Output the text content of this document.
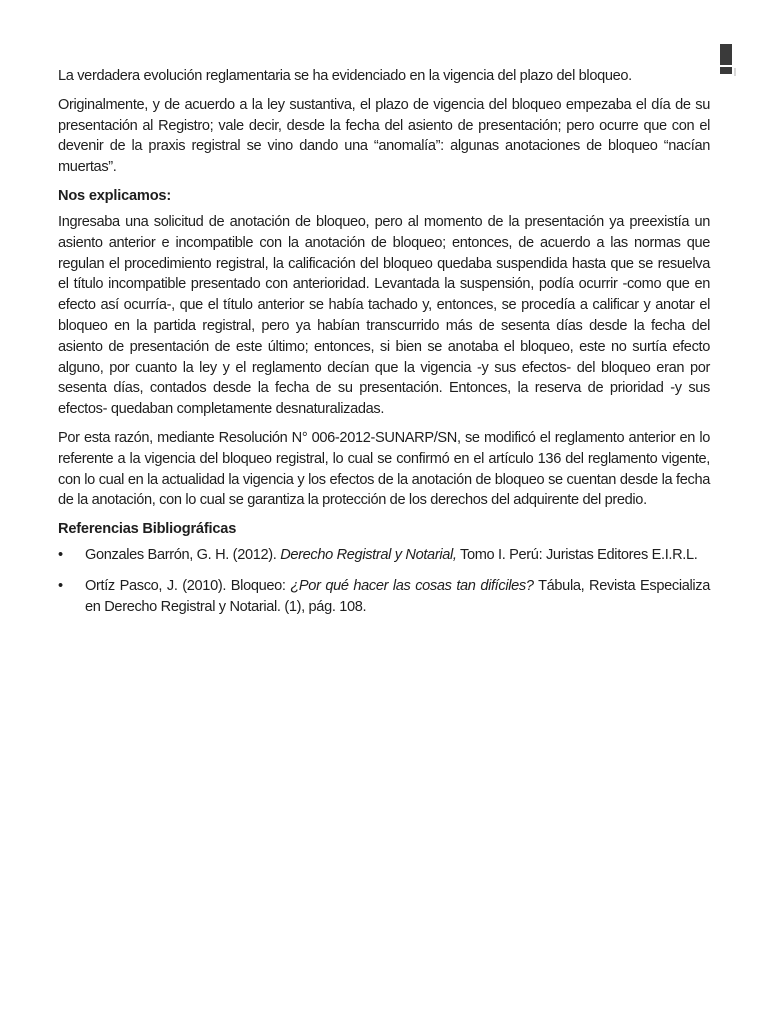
La verdadera evolución reglamentaria se ha evidenciado en la vigencia del plazo del bloqueo.

Originalmente, y de acuerdo a la ley sustantiva, el plazo de vigencia del bloqueo empezaba el día de su presentación al Registro; vale decir, desde la fecha del asiento de presentación; pero ocurre que con el devenir de la praxis registral se vino dando una “anomalía”: algunas anotaciones de bloqueo “nacían muertas”.

Nos explicamos:

Ingresaba una solicitud de anotación de bloqueo, pero al momento de la presentación ya preexistía un asiento anterior e incompatible con la anotación de bloqueo; entonces, de acuerdo a las normas que regulan el procedimiento registral, la calificación del bloqueo quedaba suspendida hasta que se resuelva el título incompatible presentado con anterioridad. Levantada la suspensión, podía ocurrir -como que en efecto así ocurría-, que el título anterior se había tachado y, entonces, se procedía a calificar y anotar el bloqueo en la partida registral, pero ya habían transcurrido más de sesenta días desde la fecha del asiento de presentación de este último; entonces, si bien se anotaba el bloqueo, este no surtía efecto alguno, por cuanto la ley y el reglamento decían que la vigencia -y sus efectos- del bloqueo eran por sesenta días, contados desde la fecha de su presentación. Entonces, la reserva de prioridad -y sus efectos- quedaban completamente desnaturalizadas.

Por esta razón, mediante Resolución N° 006-2012-SUNARP/SN, se modificó el reglamento anterior en lo referente a la vigencia del bloqueo registral, lo cual se confirmó en el artículo 136 del reglamento vigente, con lo cual en la actualidad la vigencia y los efectos de la anotación de bloqueo se cuentan desde la fecha de la anotación, con lo cual se garantiza la protección de los derechos del adquirente del predio.

Referencias Bibliográficas
• Gonzales Barrón, G. H. (2012). Derecho Registral y Notarial, Tomo I. Perú: Juristas Editores E.I.R.L.
• Ortíz Pasco, J. (2010). Bloqueo: ¿Por qué hacer las cosas tan difíciles? Tábula, Revista Especializa en Derecho Registral y Notarial. (1), pág. 108.
